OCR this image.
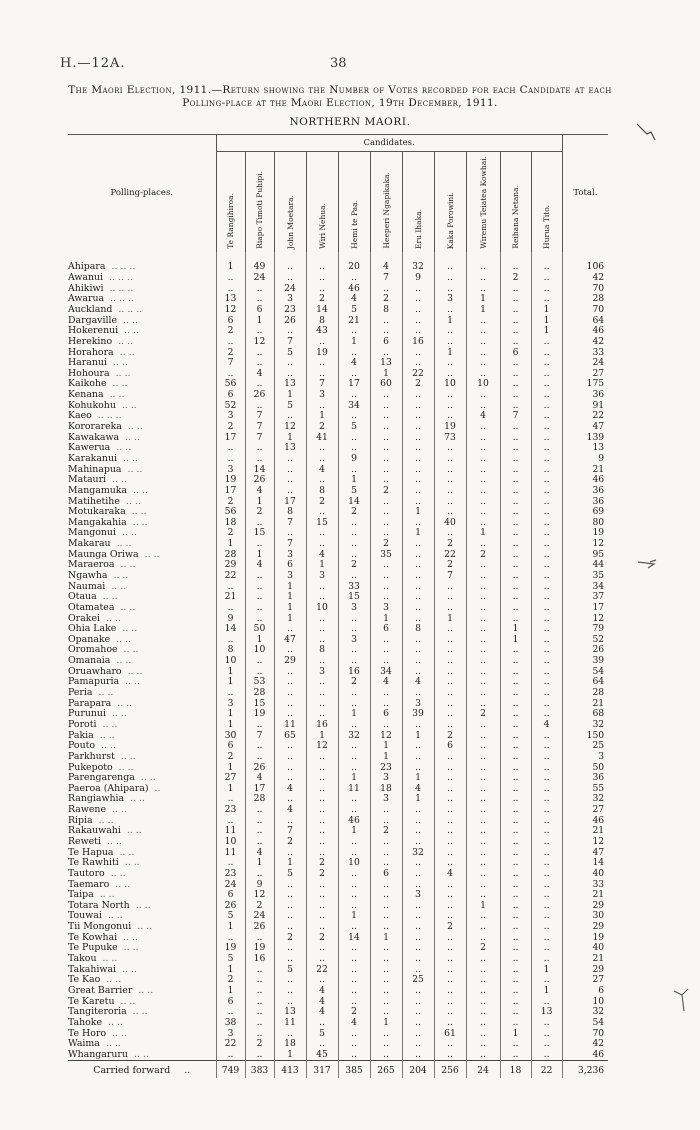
H.—12A.	38
The Maori Election, 1911.—Return showing the Number of Votes recorded for each Candidate at each Polling-place at the Maori Election, 19th December, 1911.
NORTHERN MAORI.
Polling-places.	Candidates.											Total.
	Te Rangihiroa.	Riapo Timoti Puhipi.	John Moetara.	Wiri Nehua.	Hemi te Paa.	Heeperi Ngapikaka.	Eru Ihaka.	Kaka Porowini.	Wiremu Teiatea Kowhai.	Reihana Netana.	Hurua Tito.	

Ahipara .. .. ..	1	49	..	..	20	4	32	..	..	..	..	106
Awanui .. .. ..	..	24	..	..	..	7	9	..	..	2	..	42
Ahikiwi .. .. ..	..	..	24	..	46	..	..	..	..	..	..	70
Awarua .. .. ..	13	..	3	2	4	2	..	3	1	..	..	28
Auckland .. .. ..	12	6	23	14	5	8	..	..	1	..	1	70
Dargaville .. ..	6	1	26	8	21	..	..	1	..	..	1	64
Hokerenui .. ..	2	..	..	43	..	..	..	..	..	..	1	46
Herekino .. ..	..	12	7	..	1	6	16	..	..	..	..	42
Horahora .. ..	2	..	5	19	..	..	..	1	..	6	..	33
Haranui .. ..	7	..	..	..	4	13	..	..	..	..	..	24
Hohoura .. ..	..	4	..	..	..	1	22	..	..	..	..	27
Kaikohe .. ..	56	..	13	7	17	60	2	10	10	..	..	175
Kenana .. ..	6	26	1	3	..	..	..	..	..	..	..	36
Kohukohu .. ..	52	..	5	..	34	..	..	..	..	..	..	91
Kaeo .. .. ..	3	7	..	1	..	..	..	..	4	7	..	22
Kororareka .. ..	2	7	12	2	5	..	..	19	..	..	..	47
Kawakawa .. ..	17	7	1	41	..	..	..	73	..	..	..	139
Kawerua .. ..	..	..	13	..	..	..	..	..	..	..	..	13
Karakanui .. ..	..	..	..	..	9	..	..	..	..	..	..	9
Mahinapua .. ..	3	14	..	4	..	..	..	..	..	..	..	21
Matauri .. ..	19	26	..	..	1	..	..	..	..	..	..	46
Mangamuka .. ..	17	4	..	8	5	2	..	..	..	..	..	36
Matihetihe .. ..	2	1	17	2	14	..	..	..	..	..	..	36
Motukaraka .. ..	56	2	8	..	2	..	1	..	..	..	..	69
Mangakahia .. ..	18	..	7	15	..	..	..	40	..	..	..	80
Mangonui .. ..	2	15	..	..	..	..	1	..	1	..	..	19
Makarau .. ..	1	..	7	..	..	2	..	2	..	..	..	12
Maunga Oriwa .. ..	28	1	3	4	..	35	..	22	2	..	..	95
Maraeroa .. ..	29	4	6	1	2	..	..	2	..	..	..	44
Ngawha .. ..	22	..	3	3	..	..	..	7	..	..	..	35
Naumai .. ..	..	..	1	..	33	..	..	..	..	..	..	34
Otaua .. ..	21	..	1	..	15	..	..	..	..	..	..	37
Otamatea .. ..	..	..	1	10	3	3	..	..	..	..	..	17
Orakei .. ..	9	..	1	..	..	1	..	1	..	..	..	12
Ohia Lake .. ..	14	50	..	..	..	6	8	..	..	1	..	79
Opanake .. ..	..	1	47	..	3	..	..	..	..	1	..	52
Oromahoe .. ..	8	10	..	8	..	..	..	..	..	..	..	26
Omanaia .. ..	10	..	29	..	..	..	..	..	..	..	..	39
Oruawharo .. ..	1	..	..	3	16	34	..	..	..	..	..	54
Pamapuria .. ..	1	53	..	..	2	4	4	..	..	..	..	64
Peria .. ..	..	28	..	..	..	..	..	..	..	..	..	28
Parapara .. ..	3	15	..	..	..	..	3	..	..	..	..	21
Purunui .. ..	1	19	..	..	1	6	39	..	2	..	..	68
Poroti .. ..	1	..	11	16	..	..	..	..	..	..	4	32
Pakia .. ..	30	7	65	1	32	12	1	2	..	..	..	150
Pouto .. ..	6	..	..	12	..	1	..	6	..	..	..	25
Parkhurst .. ..	2	..	..	..	..	1	..	..	..	..	..	3
Pukepoto .. ..	1	26	..	..	..	23	..	..	..	..	..	50
Parengarenga .. ..	27	4	..	..	1	3	1	..	..	..	..	36
Paeroa (Ahipara) ..	1	17	4	..	11	18	4	..	..	..	..	55
Rangiawhia .. ..	..	28	..	..	..	3	1	..	..	..	..	32
Rawene .. ..	23	..	4	..	..	..	..	..	..	..	..	27
Ripia .. ..	..	..	..	..	46	..	..	..	..	..	..	46
Rakauwahi .. ..	11	..	7	..	1	2	..	..	..	..	..	21
Reweti .. ..	10	..	2	..	..	..	..	..	..	..	..	12
Te Hapua .. ..	11	4	..	..	..	..	32	..	..	..	..	47
Te Rawhiti .. ..	..	1	1	2	10	..	..	..	..	..	..	14
Tautoro .. ..	23	..	5	2	..	6	..	4	..	..	..	40
Taemaro .. ..	24	9	..	..	..	..	..	..	..	..	..	33
Taipa .. ..	6	12	..	..	..	..	3	..	..	..	..	21
Totara North .. ..	26	2	..	..	..	..	..	..	1	..	..	29
Touwai .. ..	5	24	..	..	1	..	..	..	..	..	..	30
Tii Mongonui .. ..	1	26	..	..	..	..	..	2	..	..	..	29
Te Kowhai .. ..	..	..	2	2	14	1	..	..	..	..	..	19
Te Pupuke .. ..	19	19	..	..	..	..	..	..	2	..	..	40
Takou .. ..	5	16	..	..	..	..	..	..	..	..	..	21
Takahiwai .. ..	1	..	5	22	..	..	..	..	..	..	1	29
Te Kao .. ..	2	..	..	..	..	..	25	..	..	..	..	27
Great Barrier .. ..	1	..	..	4	..	..	..	..	..	..	1	6
Te Karetu .. ..	6	..	..	4	..	..	..	..	..	..	..	10
Tangiteroria .. ..	..	..	13	4	2	..	..	..	..	..	13	32
Tahoke .. ..	38	..	11	..	4	1	..	..	..	..	..	54
Te Horo .. ..	3	..	..	5	..	..	..	61	..	1	..	70
Waima .. ..	22	2	18	..	..	..	..	..	..	..	..	42
Whangaruru .. ..	..	..	1	45	..	..	..	..	..	..	..	46
Carried forward ..	749	383	413	317	385	265	204	256	24	18	22	3,236
